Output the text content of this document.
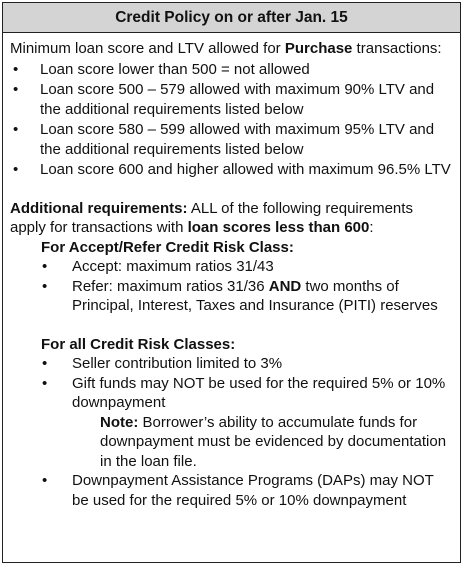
Credit Policy on or after Jan. 15

Minimum loan score and LTV allowed for Purchase transactions:

• Loan score lower than 500 = not allowed
• Loan score 500 – 579 allowed with maximum 90% LTV and the additional requirements listed below
• Loan score 580 – 599 allowed with maximum 95% LTV and the additional requirements listed below
• Loan score 600 and higher allowed with maximum 96.5% LTV

Additional requirements: ALL of the following requirements apply for transactions with loan scores less than 600:

For Accept/Refer Credit Risk Class:

• Accept: maximum ratios 31/43
• Refer: maximum ratios 31/36 AND two months of Principal, Interest, Taxes and Insurance (PITI) reserves

For all Credit Risk Classes:

• Seller contribution limited to 3%
• Gift funds may NOT be used for the required 5% or 10% downpayment

Note: Borrower’s ability to accumulate funds for downpayment must be evidenced by documentation in the loan file.

• Downpayment Assistance Programs (DAPs) may NOT be used for the required 5% or 10% downpayment
